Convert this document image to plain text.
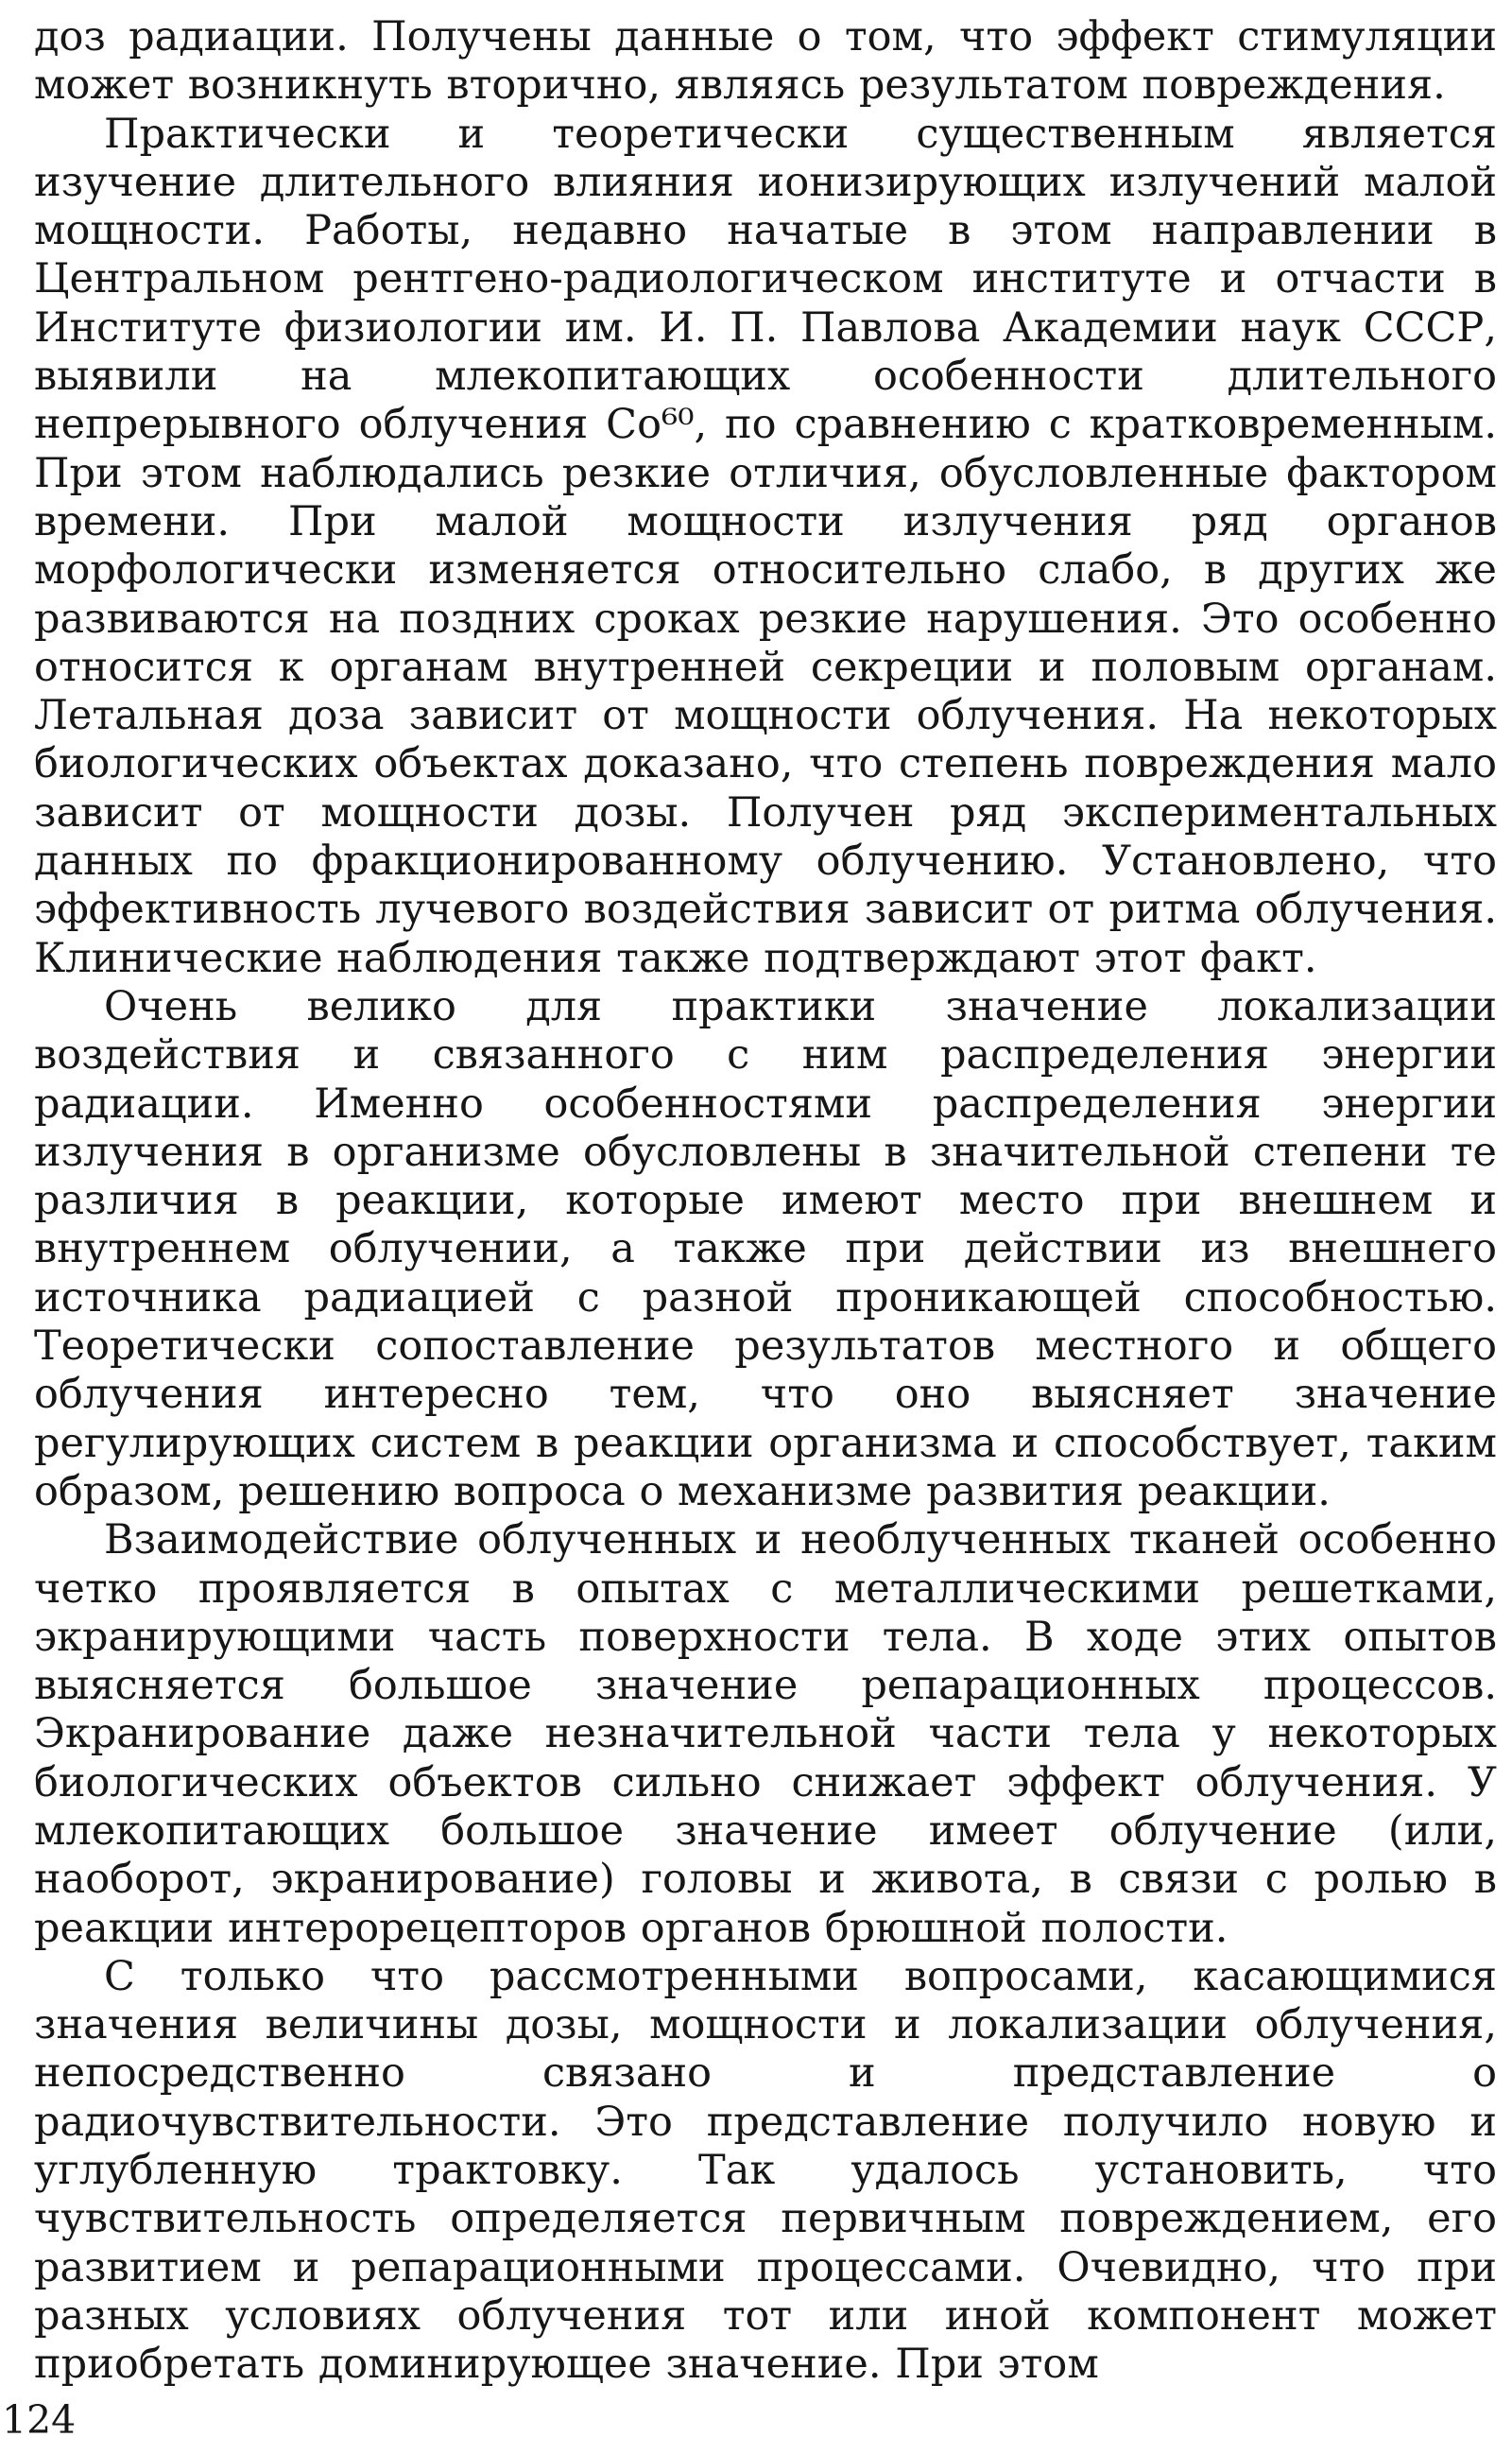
доз радиации. Получены данные о том, что эффект стимуляции может возникнуть вторично, являясь результатом повреждения.

Практически и теоретически существенным является изучение длительного влияния ионизирующих излучений малой мощности. Работы, недавно начатые в этом направлении в Центральном рентгено-радиологическом институте и отчасти в Институте физиологии им. И. П. Павлова Академии наук СССР, выявили на млекопитающих особенности длительного непрерывного облучения Co⁶⁰, по сравнению с кратковременным. При этом наблюдались резкие отличия, обусловленные фактором времени. При малой мощности излучения ряд органов морфологически изменяется относительно слабо, в других же развиваются на поздних сроках резкие нарушения. Это особенно относится к органам внутренней секреции и половым органам. Летальная доза зависит от мощности облучения. На некоторых биологических объектах доказано, что степень повреждения мало зависит от мощности дозы. Получен ряд экспериментальных данных по фракционированному облучению. Установлено, что эффективность лучевого воздействия зависит от ритма облучения. Клинические наблюдения также подтверждают этот факт.

Очень велико для практики значение локализации воздействия и связанного с ним распределения энергии радиации. Именно особенностями распределения энергии излучения в организме обусловлены в значительной степени те различия в реакции, которые имеют место при внешнем и внутреннем облучении, а также при действии из внешнего источника радиацией с разной проникающей способностью. Теоретически сопоставление результатов местного и общего облучения интересно тем, что оно выясняет значение регулирующих систем в реакции организма и способствует, таким образом, решению вопроса о механизме развития реакции.

Взаимодействие облученных и необлученных тканей особенно четко проявляется в опытах с металлическими решетками, экранирующими часть поверхности тела. В ходе этих опытов выясняется большое значение репарационных процессов. Экранирование даже незначительной части тела у некоторых биологических объектов сильно снижает эффект облучения. У млекопитающих большое значение имеет облучение (или, наоборот, экранирование) головы и живота, в связи с ролью в реакции интерорецепторов органов брюшной полости.

С только что рассмотренными вопросами, касающимися значения величины дозы, мощности и локализации облучения, непосредственно связано и представление о радиочувствительности. Это представление получило новую и углубленную трактовку. Так удалось установить, что чувствительность определяется первичным повреждением, его развитием и репарационными процессами. Очевидно, что при разных условиях облучения тот или иной компонент может приобретать доминирующее значение. При этом

124
